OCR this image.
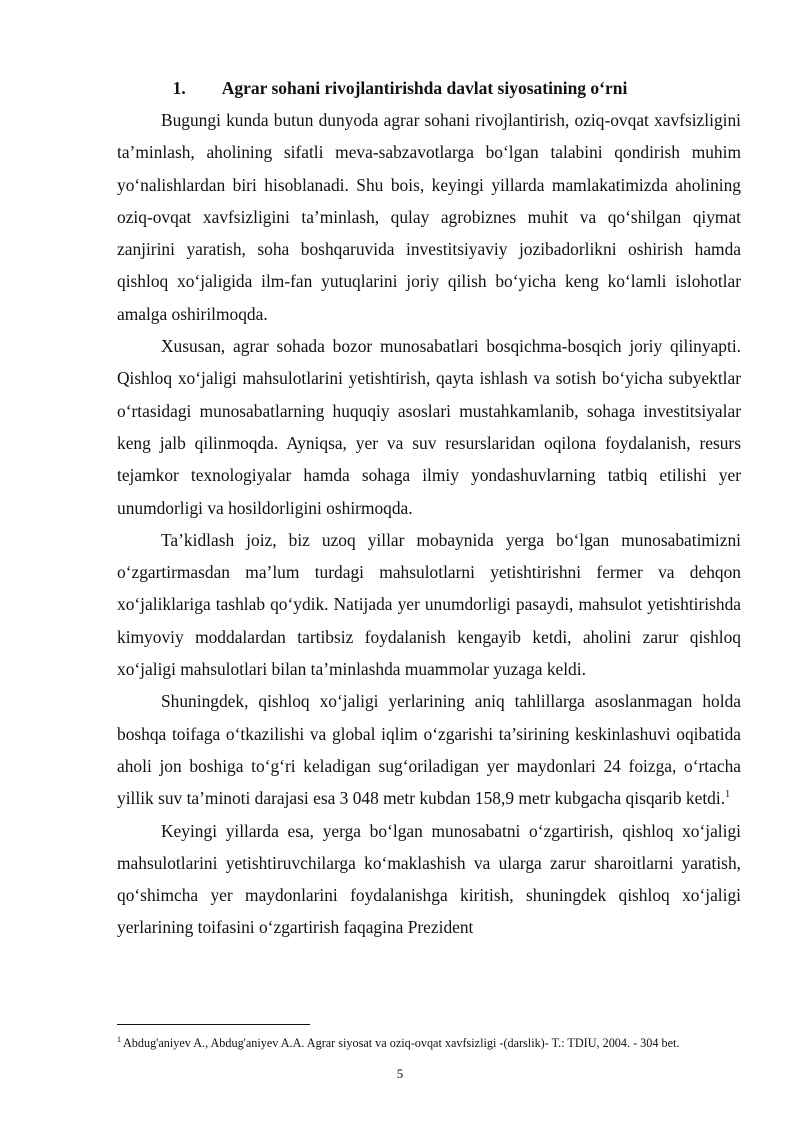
1. Agrar sohani rivojlantirishda davlat siyosatining o‘rni

Bugungi kunda butun dunyoda agrar sohani rivojlantirish, oziq-ovqat xavfsizligini ta’minlash, aholining sifatli meva-sabzavotlarga bo‘lgan talabini qondirish muhim yo‘nalishlardan biri hisoblanadi. Shu bois, keyingi yillarda mamlakatimizda aholining oziq-ovqat xavfsizligini ta’minlash, qulay agrobiznes muhit va qo‘shilgan qiymat zanjirini yaratish, soha boshqaruvida investitsiyaviy jozibadorlikni oshirish hamda qishloq xo‘jaligida ilm-fan yutuqlarini joriy qilish bo‘yicha keng ko‘lamli islohotlar amalga oshirilmoqda.

Xususan, agrar sohada bozor munosabatlari bosqichma-bosqich joriy qilinyapti. Qishloq xo‘jaligi mahsulotlarini yetishtirish, qayta ishlash va sotish bo‘yicha subyektlar o‘rtasidagi munosabatlarning huquqiy asoslari mustahkamlanib, sohaga investitsiyalar keng jalb qilinmoqda. Ayniqsa, yer va suv resurslaridan oqilona foydalanish, resurs tejamkor texnologiyalar hamda sohaga ilmiy yondashuvlarning tatbiq etilishi yer unumdorligi va hosildorligini oshirmoqda.

Ta’kidlash joiz, biz uzoq yillar mobaynida yerga bo‘lgan munosabatimizni o‘zgartirmasdan ma’lum turdagi mahsulotlarni yetishtirishni fermer va dehqon xo‘jaliklariga tashlab qo‘ydik. Natijada yer unumdorligi pasaydi, mahsulot yetishtirishda kimyoviy moddalardan tartibsiz foydalanish kengayib ketdi, aholini zarur qishloq xo‘jaligi mahsulotlari bilan ta’minlashda muammolar yuzaga keldi.

Shuningdek, qishloq xo‘jaligi yerlarining aniq tahlillarga asoslanmagan holda boshqa toifaga o‘tkazilishi va global iqlim o‘zgarishi ta’sirining keskinlashuvi oqibatida aholi jon boshiga to‘g‘ri keladigan sug‘oriladigan yer maydonlari 24 foizga, o‘rtacha yillik suv ta’minoti darajasi esa 3 048 metr kubdan 158,9 metr kubgacha qisqarib ketdi.$^1$

Keyingi yillarda esa, yerga bo‘lgan munosabatni o‘zgartirish, qishloq xo‘jaligi mahsulotlarini yetishtiruvchilarga ko‘maklashish va ularga zarur sharoitlarni yaratish, qo‘shimcha yer maydonlarini foydalanishga kiritish, shuningdek qishloq xo‘jaligi yerlarining toifasini o‘zgartirish faqagina Prezident

$^1$ Abdug'aniyev A., Abdug'aniyev A.A. Agrar siyosat va oziq-ovqat xavfsizligi -(darslik)- T.: TDIU, 2004. - 304 bet.
5
